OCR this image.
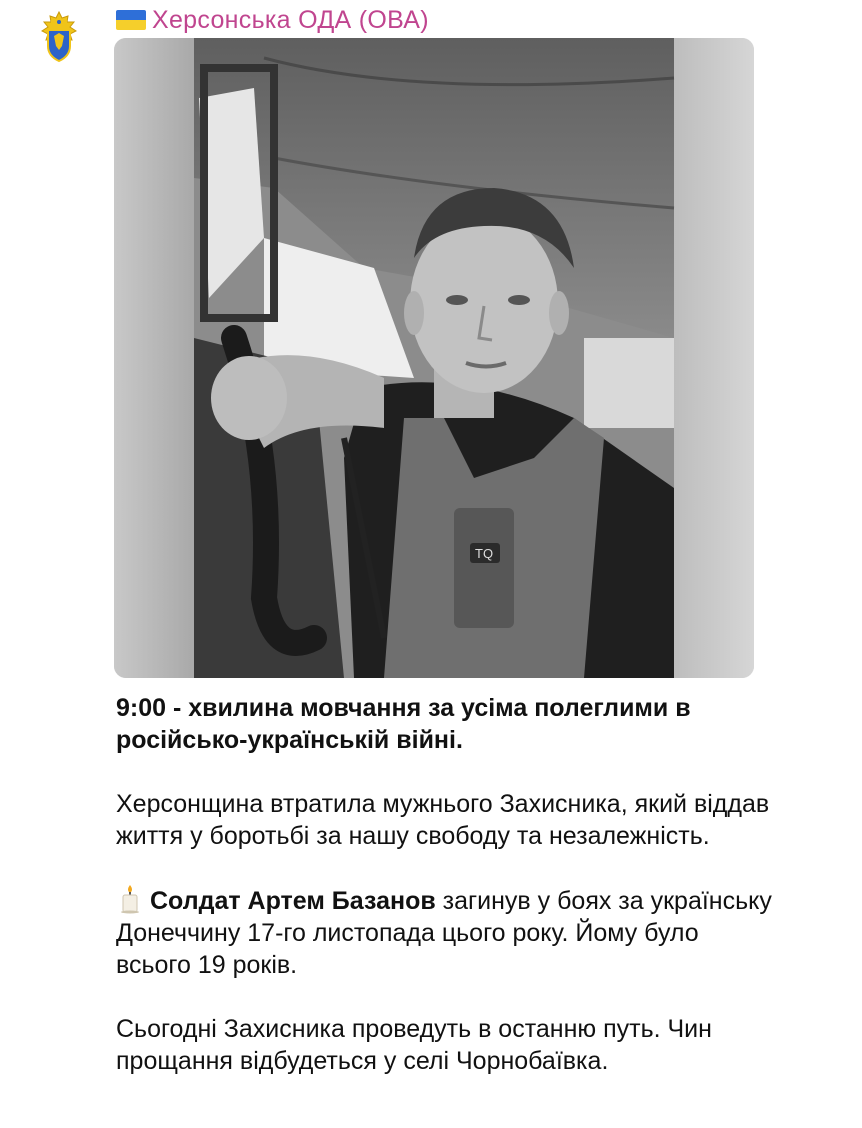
Херсонська ОДА (ОВА)
TQ

9:00 - хвилина мовчання за усіма полеглими в російсько-українській війні.

Херсонщина втратила мужнього Захисника, який віддав життя у боротьбі за нашу свободу та незалежність.

Солдат Артем Базанов загинув у боях за українську Донеччину 17-го листопада цього року. Йому було всього 19 років.

Сьогодні Захисника проведуть в останню путь. Чин прощання відбудеться у селі Чорнобаївка.
